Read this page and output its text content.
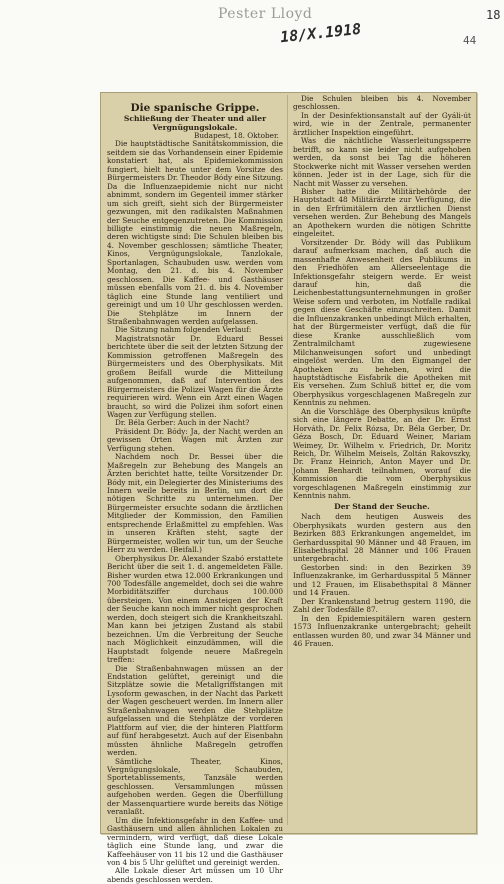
Pester Lloyd
18/X.1918
18
44
Die spanische Grippe.
Schließung der Theater und aller Vergnügungslokale.
Budapest, 18. Oktober.

Die hauptstädtische Sanitätskommission, die seitdem sie das Vorhandensein einer Epidemie konstatiert hat, als Epidemiekommission fungiert, hielt heute unter dem Vorsitze des Bürgermeisters Dr. Theodor Bódy eine Sitzung. Da die Influenzaepidemie nicht nur nicht abnimmt, sondern im Gegenteil immer stärker um sich greift, sieht sich der Bürgermeister gezwungen, mit den radikalsten Maßnahmen der Seuche entgegenzutreten. Die Kommission billigte einstimmig die neuen Maßregeln, deren wichtigste sind: Die Schulen bleiben bis 4. November geschlossen; sämtliche Theater, Kinos, Vergnügungslokale, Tanzlokale, Sportanlagen, Schaubuden usw. werden vom Montag, den 21. d. bis 4. November geschlossen. Die Kaffee- und Gasthäuser müssen ebenfalls vom 21. d. bis 4. November täglich eine Stunde lang ventiliert und gereinigt und um 10 Uhr geschlossen werden. Die Stehplätze im Innern der Straßenbahnwagen werden aufgelassen.

Die Sitzung nahm folgenden Verlauf:

Magistratsnotär Dr. Eduard Bessei berichtete über die seit der letzten Sitzung der Kommission getroffenen Maßregeln des Bürgermeisters und des Oberphysikats. Mit großem Beifall wurde die Mitteilung aufgenommen, daß auf Intervention des Bürgermeisters die Polizei Wagen für die Ärzte requirieren wird. Wenn ein Arzt einen Wagen braucht, so wird die Polizei ihm sofort einen Wagen zur Verfügung stellen.

Dr. Béla Gerber: Auch in der Nacht?

Präsident Dr. Bódy: Ja, der Nacht werden an gewissen Orten Wagen mit Ärzten zur Verfügung stehen.

Nachdem noch Dr. Bessei über die Maßregeln zur Behebung des Mangels an Ärzten berichtet hatte, teilte Vorsitzender Dr. Bódy mit, ein Delegierter des Ministeriums des Innern weile bereits in Berlin, um dort die nötigen Schritte zu unternehmen. Der Bürgermeister ersuchte sodann die ärztlichen Mitglieder der Kommission, den Familien entsprechende Erlaßmittel zu empfehlen. Was in unseren Kräften steht, sagte der Bürgermeister, wollen wir tun, um der Seuche Herr zu werden. (Beifall.)

Oberphysikus Dr. Alexander Szabó erstattete Bericht über die seit 1. d. angemeldeten Fälle. Bisher wurden etwa 12.000 Erkrankungen und 700 Todesfälle angemeldet, doch sei die wahre Morbiditätsziffer durchaus 100.000 übersteigen. Von einem Ansteigen der Kraft der Seuche kann noch immer nicht gesprochen werden, doch steigert sich die Krankheitszahl. Man kann bei jetzigen Zustand als stabil bezeichnen. Um die Verbreitung der Seuche nach Möglichkeit einzudämmen, will die Hauptstadt folgende neuere Maßregeln treffen:

Die Straßenbahnwagen müssen an der Endstation gelüftet, gereinigt und die Sitzplätze sowie die Metallgriffstangen mit Lysoform gewaschen, in der Nacht das Parkett der Wagen gescheuert werden. Im Innern aller Straßenbahnwagen werden die Stehplätze aufgelassen und die Stehplätze der vorderen Plattform auf vier, die der hinteren Plattform auf fünf herabgesetzt. Auch auf der Eisenbahn müssten ähnliche Maßregeln getroffen werden.

Sämtliche Theater, Kinos, Vergnügungslokale, Schaubuden, Sportetablissements, Tanzsäle werden geschlossen. Versammlungen müssen aufgehoben werden. Gegen die Überfüllung der Massenquartiere wurde bereits das Nötige veranlaßt.

Um die Infektionsgefahr in den Kaffee- und Gasthäusern und allen ähnlichen Lokalen zu vermindern, wird verfügt, daß diese Lokale täglich eine Stunde lang, und zwar die Kaffeehäuser von 11 bis 12 und die Gasthäuser von 4 bis 5 Uhr gelüftet und gereinigt werden.

Alle Lokale dieser Art müssen um 10 Uhr abends geschlossen werden.

Die Schulen bleiben bis 4. November geschlossen.

In der Desinfektionsanstalt auf der Gyáli-út wird, wie in der Zentrale, permanenter ärztlicher Inspektion eingeführt.

Was die nächtliche Wasserleitungssperre betrifft, so kann sie leider nicht aufgehoben werden, da sonst bei Tag die höheren Stockwerke nicht mit Wasser versehen werden können. Jeder ist in der Lage, sich für die Nacht mit Wasser zu versehen.

Bisher hatte die Militärbehörde der Hauptstadt 48 Militärärzte zur Verfügung, die in den Erfrümitälern den ärztlichen Dienst versehen werden. Zur Behebung des Mangels an Apothekern wurden die nötigen Schritte eingeleitet.

Vorsitzender Dr. Bódy will das Publikum darauf aufmerksam machen, daß auch die massenhafte Anwesenheit des Publikums in den Friedhöfen am Allerseelentage die Infektionsgefahr steigern werde. Er weist darauf hin, daß die Leichenbestattungsunternehmungen in großer Weise sofern und verboten, im Notfalle radikal gegen diese Geschäfte einzuschreiten. Damit die Influenzakranken unbedingt Milch erhalten, hat der Bürgermeister verfügt, daß die für diese Kranke ausschließlich vom Zentralmilchamt zugewiesene Milchanweisungen sofort und unbedingt eingelöst werden. Um den Eigmangel der Apotheken zu beheben, wird die hauptstädtische Eisfabrik die Apotheken mit Eis versehen. Zum Schluß bittet er, die vom Oberphysikus vorgeschlagenen Maßregeln zur Kenntnis zu nehmen.

An die Vorschläge des Oberphysikus knüpfte sich eine längere Debatte, an der Dr. Ernst Horváth, Dr. Felix Rózsa, Dr. Béla Gerber, Dr. Géza Bosch, Dr. Eduard Weiner, Mariam Weimey, Dr. Wilhelm v. Friedrich, Dr. Moritz Reich, Dr. Wilhelm Meisels, Zoltán Rakovszky, Dr. Franz Heinrich, Anton Mayer und Dr. Johann Benhardt teilnahmen, worauf die Kommission die vom Oberphysikus vorgeschlagenen Maßregeln einstimmig zur Kenntnis nahm.

Der Stand der Seuche.

Nach dem heutigen Ausweis des Oberphysikats wurden gestern aus den Bezirken 883 Erkrankungen angemeldet, im Gerhardusspital 90 Männer und 48 Frauen, im Elisabethspital 28 Männer und 106 Frauen untergebracht.

Gestorben sind: in den Bezirken 39 Influenzakranke, im Gerhardusspital 5 Männer und 12 Frauen, im Elisabethspital 8 Männer und 14 Frauen.

Der Krankenstand betrug gestern 1190, die Zahl der Todesfälle 87.

In den Epidemiespitälern waren gestern 1573 Influenzakranke untergebracht; geheilt entlassen wurden 80, und zwar 34 Männer und 46 Frauen.
